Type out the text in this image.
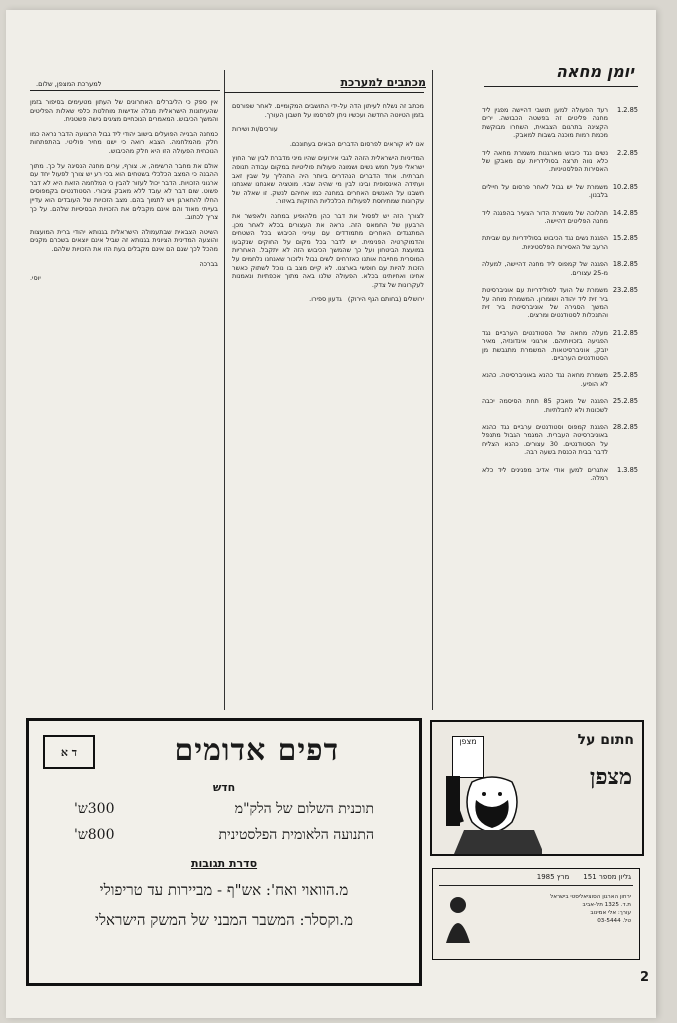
יומן מחאה
1.2.85
רעד הפעולה למען תושבי דהיישה מפגין ליד מחנה פליטים זה בפשטה הכבושה. ירים הקצינה בתרגום הצבאית, השחרו מבוקשת מכמת רמות מוכנה בשבות למאבק.
2.2.85
נשים נגד כיבוש מארגנות משמרת מחאה ליד כלא נווה תרצה בסולידריות עם מאבקן של האסירות הפלסטיניות.
10.2.85
משמרת של יש גבול לאחר פרסום על חיילים בלבנון.
14.2.85
תהלוכה של משמרת הדור הצעיר בהפגנה ליד מחנה הפליטים דהיישה.
15.2.85
הפגנת נשים נגד הכיבוש בסולידריות עם שביתת הרעב של האסירות הפלסטיניות.
18.2.85
הפגנה של קמפוס ליד מחנה דהיישה, למעלה מ-25 עצורים.
23.2.85
משמרת של הועד לסולידריות עם אוניברסיטת ביר זית ליד יהודה ושומרון. המשמרת מוחה על המשך הסגירה של אוניברסיטת ביר זית והתנכלות לסטודנטים ומרצים.
21.2.85
מעלה מחאה של הסטודנטים הערביים נגד הפגיעה בזכויותיהם. ארגוני אינדונזיה, מאיר יזבק, אוניברסיטאות. המשמרת מתגבשת מן הסטודנטים הערביים.
25.2.85
משמרת מחאה נגד כהנא באוניברסיטה. כהנא לא הופיע.
25.2.85
הפגנה של מאבק 85 תחת הסיסמה יכבה לשכונות ולא לחבלתיות.
28.2.85
הפגנת קמפוס וסטודנטים ערביים נגד כהנא באוניברסיטה העברית. המגמר הגבול מתנפל על הסטודנטים. 30 עצורים. כהנא הצליח לדבר בבית הכנסת בשעה רבה.
1.3.85
אתגרים למען אודי אדיב מפגינים ליד כלא רמלה.
מכתבים למערכת

מכתב זה נשלח לעיתון הדה על-ידי התושבים המקומיים. לאחר שפורסם בזמן הטיוטה החדשה ועכשיו ניתן לפרסמו על חשבון העורך.

עורכים/ות ושירות

אנו לא קוראים לפרסום הדברים הבאים בעתונכם.

המדיניות הישראלית הזהה לגבי אירועים שהיו מיני מדברת לבין שר החוץ ישראלי פעל חמש נשים ושמונה פעולות פוליטיות במקום עבודה תנופה חברתית. אחד הדברים הנהדרים ביותר היה התהליך על שבין זאב ועתידה האינסופית ובינו לבין מי שהיה שבוי. מוטציה שאנחנו שאנחנו חשבנו על האנשים האחרים במחנה כמו אחיהם לנשק. זו שאלה של עקרונות שמתיחסת לפעולות הכלכליות החזקות באיזור.

לצורך הזה יש לפסול את דבר כהן מלהופיע במחנה ולאפשר את הרבעון של החמאס הזה. נראה את העצורים בכלא לאחר מכן. המתנגדים האחרים מתמודדים עם ענייני הכיבוש בכל השטחים והדמוקרטיה הפנימית. יש לדבר בכל מקום על החוקים שנקבעו במועצת הביטחון ועל כך שהמשך הכיבוש הזה לא יתקבל. האחריות המוסרית מחייבת אותנו כאזרחים לשים גבול ולזכור שאנחנו נלחמים על הזכות להיות עם חופשי בארצנו. לא קיים מצב בו נוכל לשתוק כאשר אחינו ואחיותינו בכלא. הפעולה שלנו באה מתוך אכפתיות ונאמנות לעקרונות של צדק.

ירושלים (בחותם הגף הירוק)   גדעון ספירו.

למערכת המצפן, שלום.

אין ספק כי הליברלים האחרונים של העתון מטעימים בסיפור בזמן שהעיתונות הישראלית מגלה אדישות מוחלטת כלפי שאלות הפליטים והמשך הכיבוש. המאמרים הנוכחיים מציגים גישה פשטנית.

כמחנה הבנייה הפועלים בישוב יהודי ליד גבול הרצועה הדבר נראה כמו חלק מהמלחמה. הצבא רואה כי ישנו מחיר פוליטי. בהתפתחות הנוכחית הפעולה הזו היא חלק מהכיבוש.

אולם את מחבר הרשימה, א. צורף, ערים מחנה הנסיגה על כך. מתוך ההבנה כי המצב הכלכלי בשטחים הוא בכי רע יש צורך לפעול יחד עם ארגוני הזכויות. הדבר יכול לעזור להבין כי המלחמה הזאת היא לא דבר פשוט. שום דבר לא עובד ללא מאבק ציבורי. הסטודנטים בקמפוסים החלו להתארגן ויש לתמוך בהם. מצב הזכויות של העובדים הוא עדיין בעייתי מאוד והם אינם מקבלים את הזכויות הבסיסיות שלהם. על כך צריך לכתוב.

השיטה הצבאית שבתעמולה הישראלית בגנותא יהודי ברית המועצות והוצעה המדינית הציונית בגנותא זה שביל אינם יוצאים בשכרם מקנים מהכל לכך שגם הם אינם מקבלים בעת הזו את הזכויות שלהם.

בברכה

יוסי.

דפים אדומים
ד א
חדש
תוכנית השלום של הלק"מ
300ש'
התנועה הלאומית הפלסטינית
800ש'
סדרת תגובות
מ.הוואוי ואח': אש"ף - מביירות עד טריפולי
מ.וקסלר: המשבר המבני של המשק הישראלי
חתום על
מצפן
מצפן
גליון מספר 151
מרץ 1985
ירחון הארגון הסוציאליסטי בישראל
ת.ד. 1325 תל-אביב
עורך: אלי אמינוב
טל. 03-5444
2
